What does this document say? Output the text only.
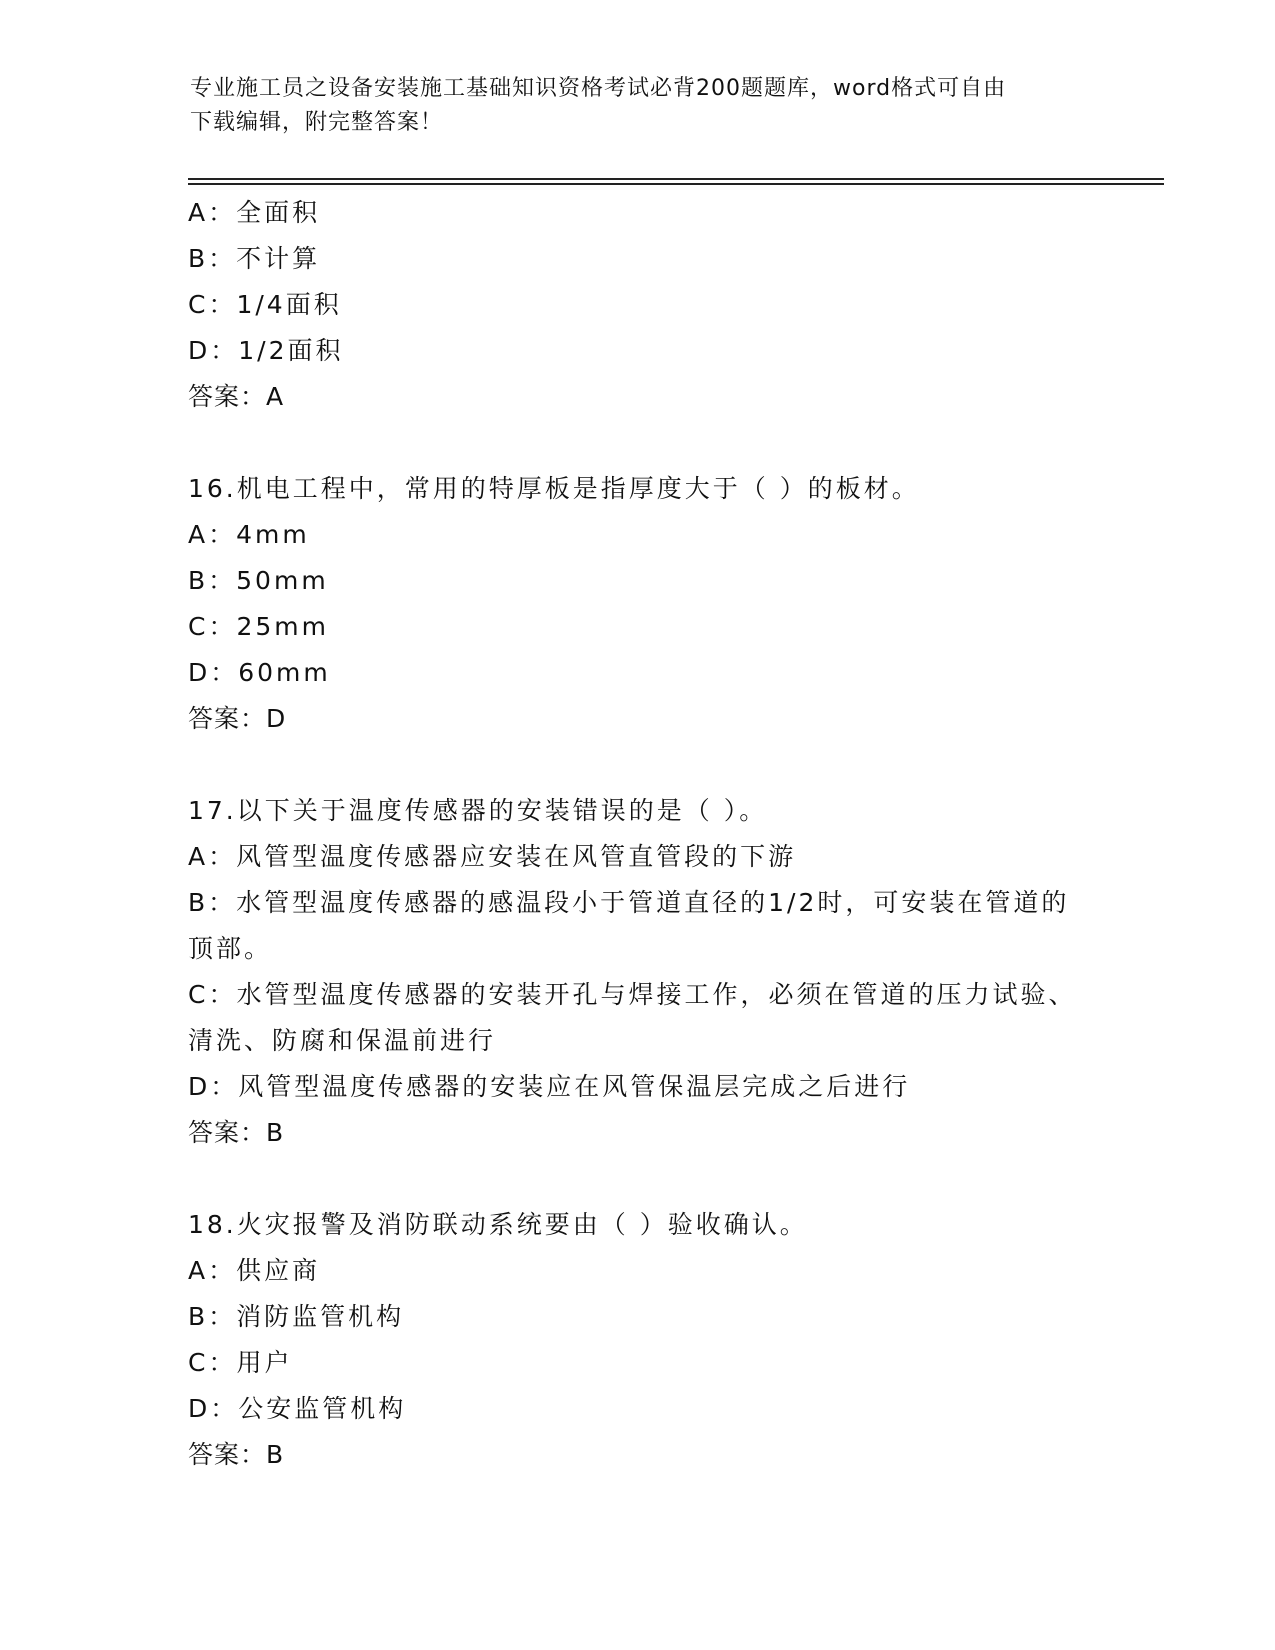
专业施工员之设备安装施工基础知识资格考试必背200题题库，word格式可自由
下载编辑，附完整答案！
A：全面积
B：不计算
C：1/4面积
D：1/2面积
答案：A
16.机电工程中，常用的特厚板是指厚度大于（ ）的板材。
A：4mm
B：50mm
C：25mm
D：60mm
答案：D
17.以下关于温度传感器的安装错误的是（ ）。
A：风管型温度传感器应安装在风管直管段的下游
B：水管型温度传感器的感温段小于管道直径的1/2时，可安装在管道的顶部。
C：水管型温度传感器的安装开孔与焊接工作，必须在管道的压力试验、清洗、防腐和保温前进行
D：风管型温度传感器的安装应在风管保温层完成之后进行
答案：B
18.火灾报警及消防联动系统要由（ ）验收确认。
A：供应商
B：消防监管机构
C：用户
D：公安监管机构
答案：B
